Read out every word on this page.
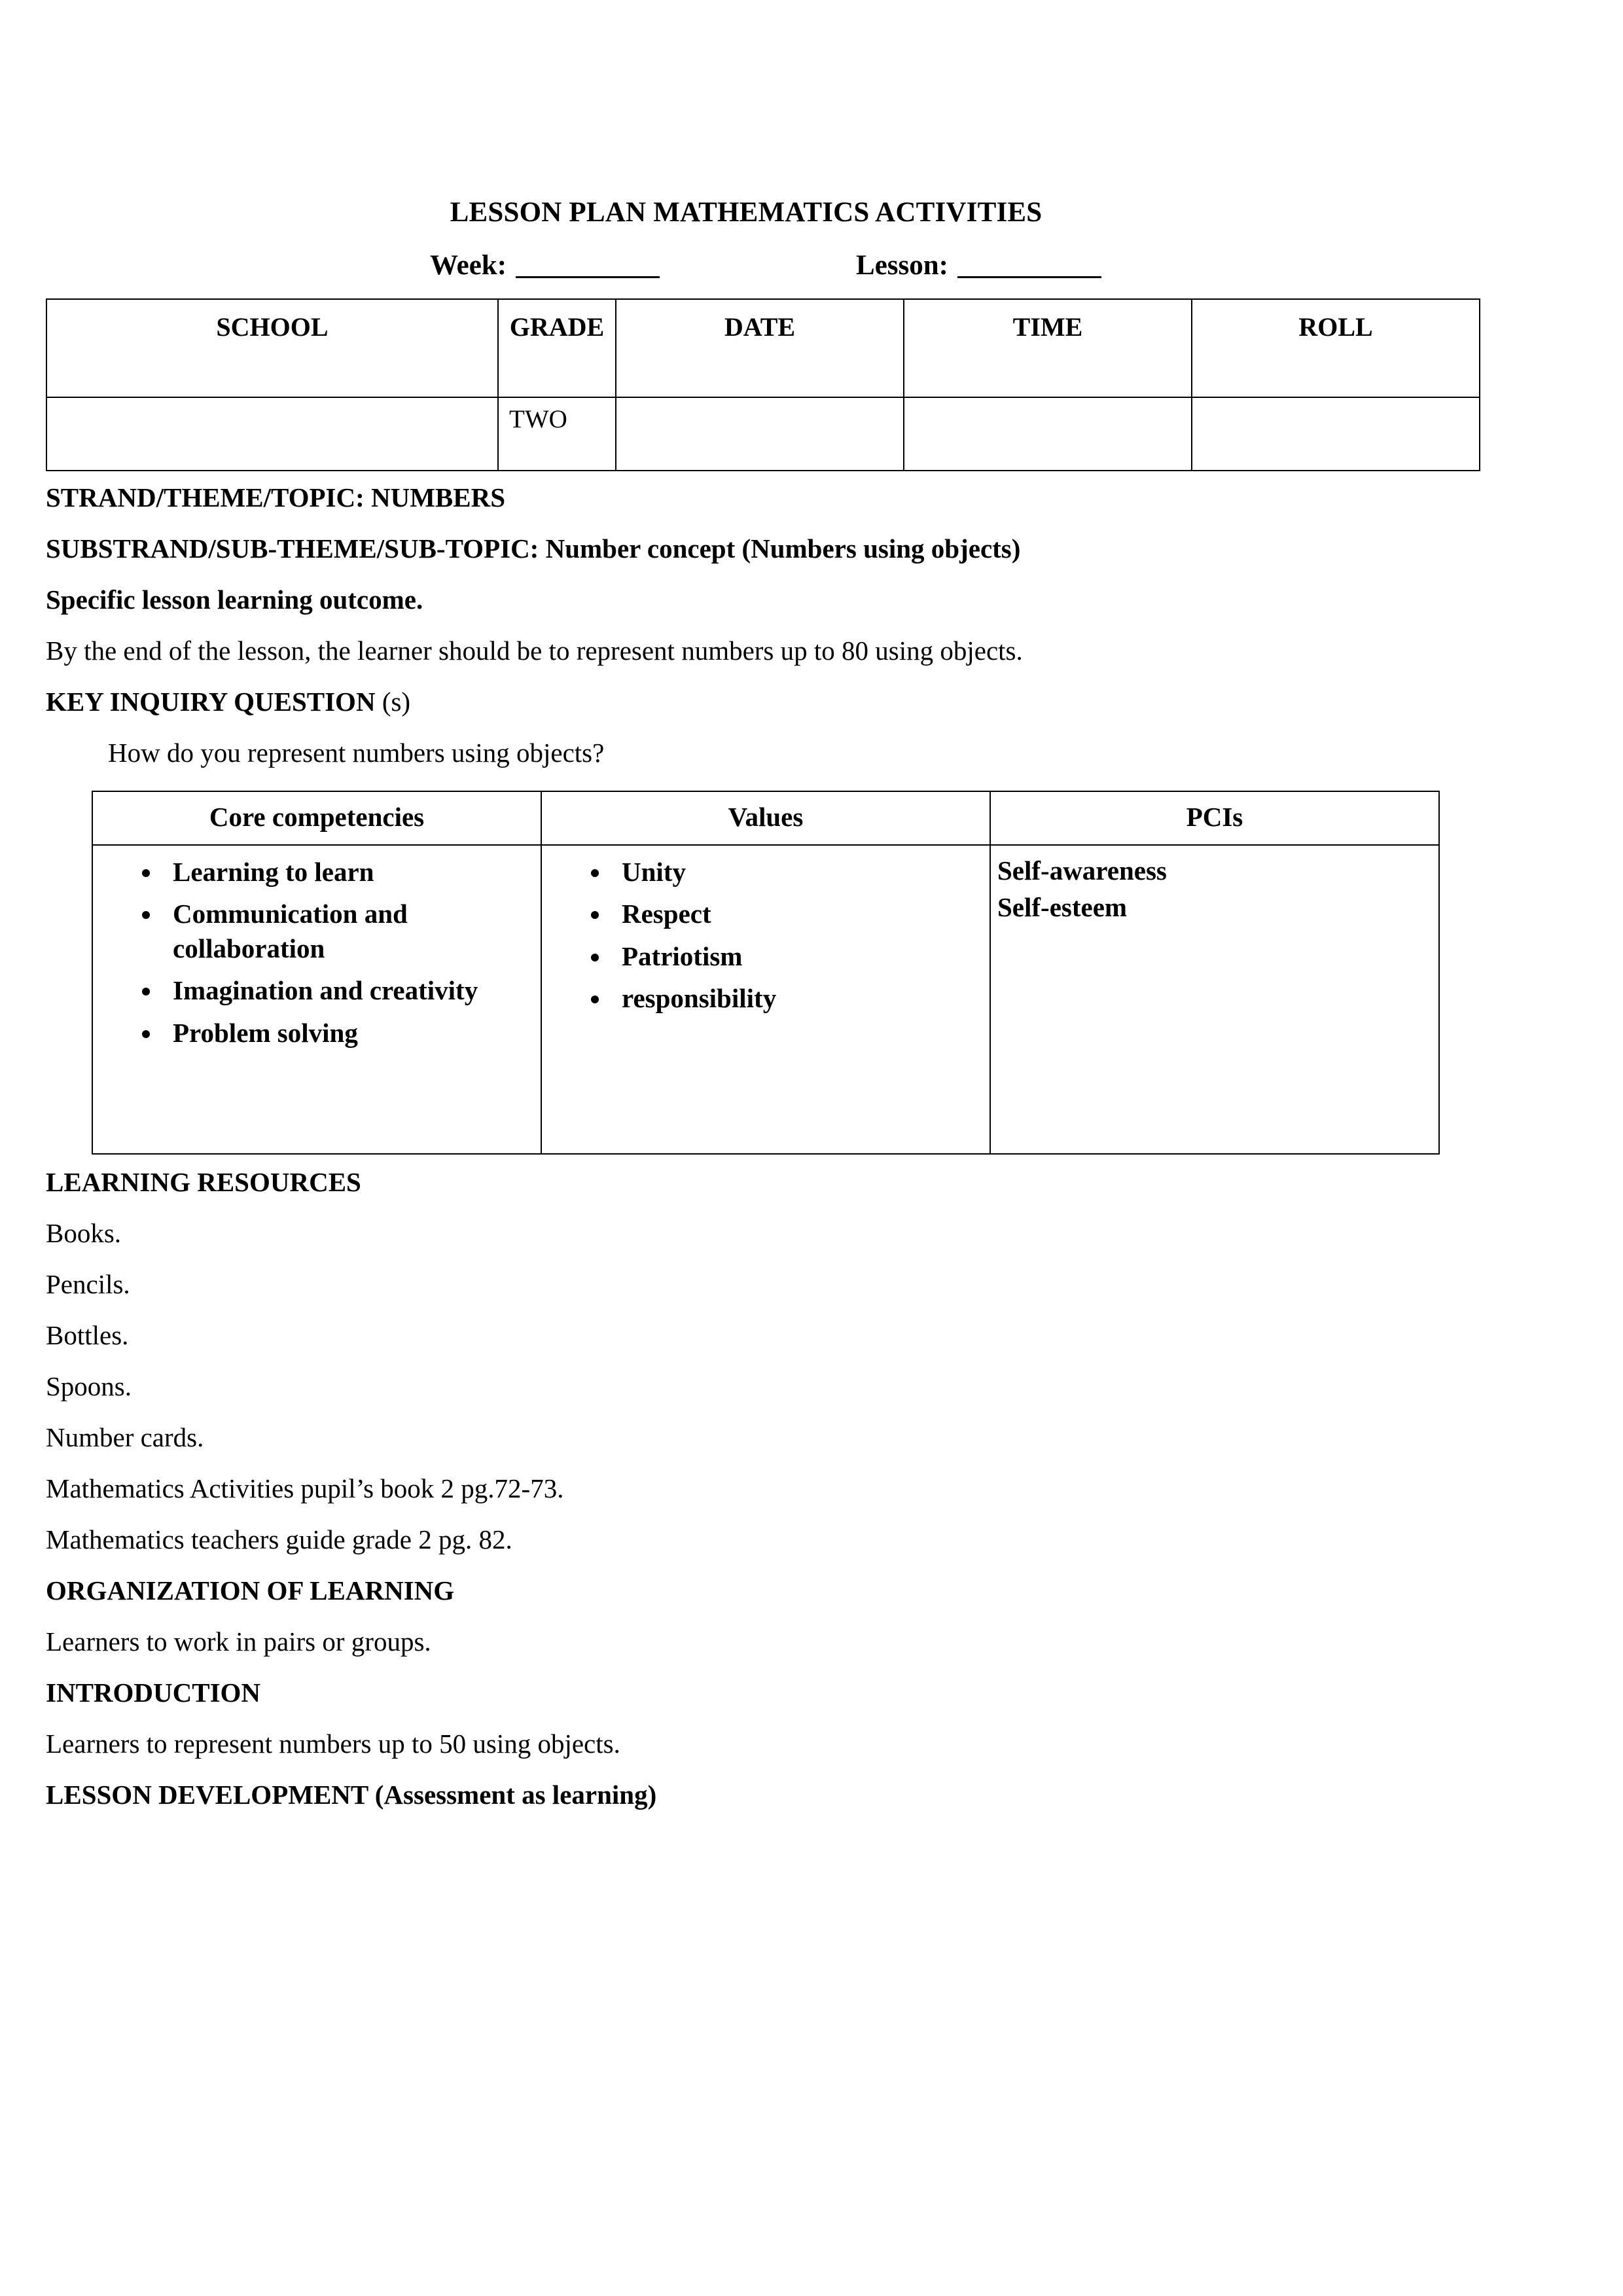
LESSON PLAN MATHEMATICS ACTIVITIES
Week:	Lesson:
SCHOOL	GRADE	DATE	TIME	ROLL
	TWO			
STRAND/THEME/TOPIC: NUMBERS
SUBSTRAND/SUB-THEME/SUB-TOPIC: Number concept (Numbers using objects)
Specific lesson learning outcome.
By the end of the lesson, the learner should be to represent numbers up to 80 using objects.
KEY INQUIRY QUESTION (s)
How do you represent numbers using objects?
Core competencies	Values	PCIs

• Learning to learn
• Communication and collaboration
• Imagination and creativity
• Problem solving

• Unity
• Respect
• Patriotism
• responsibility

Self-awareness
Self-esteem
LEARNING RESOURCES
Books.
Pencils.
Bottles.
Spoons.
Number cards.
Mathematics Activities pupil’s book 2 pg.72-73.
Mathematics teachers guide grade 2 pg. 82.
ORGANIZATION OF LEARNING
Learners to work in pairs or groups.
INTRODUCTION
Learners to represent numbers up to 50 using objects.
LESSON DEVELOPMENT (Assessment as learning)
